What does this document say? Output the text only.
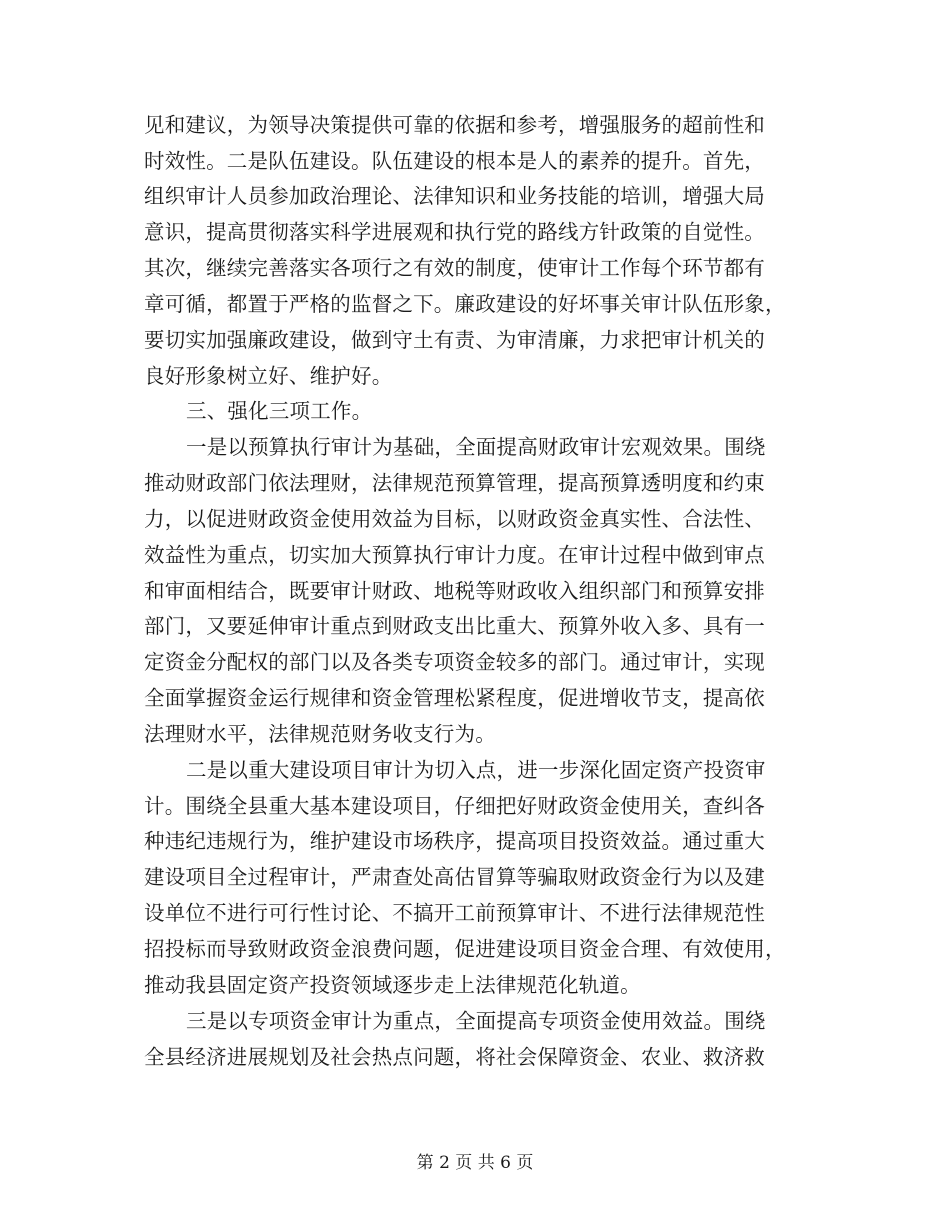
见和建议，为领导决策提供可靠的依据和参考，增强服务的超前性和
时效性。二是队伍建设。队伍建设的根本是人的素养的提升。首先，
组织审计人员参加政治理论、法律知识和业务技能的培训，增强大局
意识，提高贯彻落实科学进展观和执行党的路线方针政策的自觉性。
其次，继续完善落实各项行之有效的制度，使审计工作每个环节都有
章可循，都置于严格的监督之下。廉政建设的好坏事关审计队伍形象，
要切实加强廉政建设，做到守土有责、为审清廉，力求把审计机关的
良好形象树立好、维护好。
三、强化三项工作。
一是以预算执行审计为基础，全面提高财政审计宏观效果。围绕
推动财政部门依法理财，法律规范预算管理，提高预算透明度和约束
力，以促进财政资金使用效益为目标，以财政资金真实性、合法性、
效益性为重点，切实加大预算执行审计力度。在审计过程中做到审点
和审面相结合，既要审计财政、地税等财政收入组织部门和预算安排
部门，又要延伸审计重点到财政支出比重大、预算外收入多、具有一
定资金分配权的部门以及各类专项资金较多的部门。通过审计，实现
全面掌握资金运行规律和资金管理松紧程度，促进增收节支，提高依
法理财水平，法律规范财务收支行为。
二是以重大建设项目审计为切入点，进一步深化固定资产投资审
计。围绕全县重大基本建设项目，仔细把好财政资金使用关，查纠各
种违纪违规行为，维护建设市场秩序，提高项目投资效益。通过重大
建设项目全过程审计，严肃查处高估冒算等骗取财政资金行为以及建
设单位不进行可行性讨论、不搞开工前预算审计、不进行法律规范性
招投标而导致财政资金浪费问题，促进建设项目资金合理、有效使用，
推动我县固定资产投资领域逐步走上法律规范化轨道。
三是以专项资金审计为重点，全面提高专项资金使用效益。围绕
全县经济进展规划及社会热点问题，将社会保障资金、农业、救济救
第 2 页 共 6 页
